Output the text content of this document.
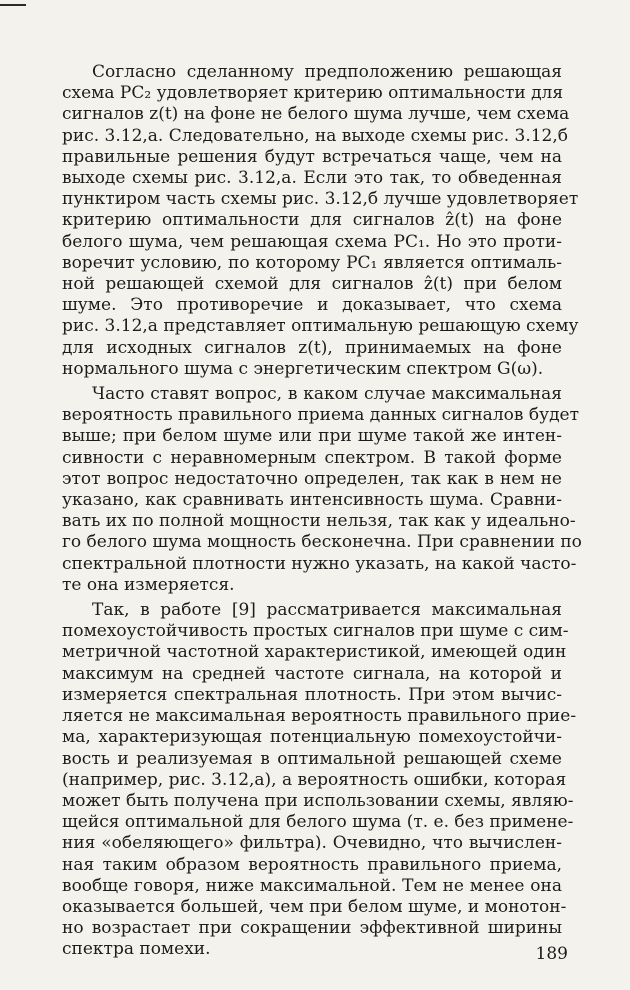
Согласно сделанному предположению решающая
схема PC₂ удовлетворяет критерию оптимальности для
сигналов z(t) на фоне не белого шума лучше, чем схема
рис. 3.12,а. Следовательно, на выходе схемы рис. 3.12,б
правильные решения будут встречаться чаще, чем на
выходе схемы рис. 3.12,а. Если это так, то обведенная
пунктиром часть схемы рис. 3.12,б лучше удовлетворяет
критерию оптимальности для сигналов ẑ(t) на фоне
белого шума, чем решающая схема PC₁. Но это проти-
воречит условию, по которому PC₁ является оптималь-
ной решающей схемой для сигналов ẑ(t) при белом
шуме. Это противоречие и доказывает, что схема
рис. 3.12,а представляет оптимальную решающую схему
для исходных сигналов z(t), принимаемых на фоне
нормального шума с энергетическим спектром G(ω).

Часто ставят вопрос, в каком случае максимальная
вероятность правильного приема данных сигналов будет
выше; при белом шуме или при шуме такой же интен-
сивности с неравномерным спектром. В такой форме
этот вопрос недостаточно определен, так как в нем не
указано, как сравнивать интенсивность шума. Сравни-
вать их по полной мощности нельзя, так как у идеально-
го белого шума мощность бесконечна. При сравнении по
спектральной плотности нужно указать, на какой часто-
те она измеряется.

Так, в работе [9] рассматривается максимальная
помехоустойчивость простых сигналов при шуме с сим-
метричной частотной характеристикой, имеющей один
максимум на средней частоте сигнала, на которой и
измеряется спектральная плотность. При этом вычис-
ляется не максимальная вероятность правильного прие-
ма, характеризующая потенциальную помехоустойчи-
вость и реализуемая в оптимальной решающей схеме
(например, рис. 3.12,а), а вероятность ошибки, которая
может быть получена при использовании схемы, являю-
щейся оптимальной для белого шума (т. е. без примене-
ния «обеляющего» фильтра). Очевидно, что вычислен-
ная таким образом вероятность правильного приема,
вообще говоря, ниже максимальной. Тем не менее она
оказывается большей, чем при белом шуме, и монотон-
но возрастает при сокращении эффективной ширины
спектра помехи.	189
